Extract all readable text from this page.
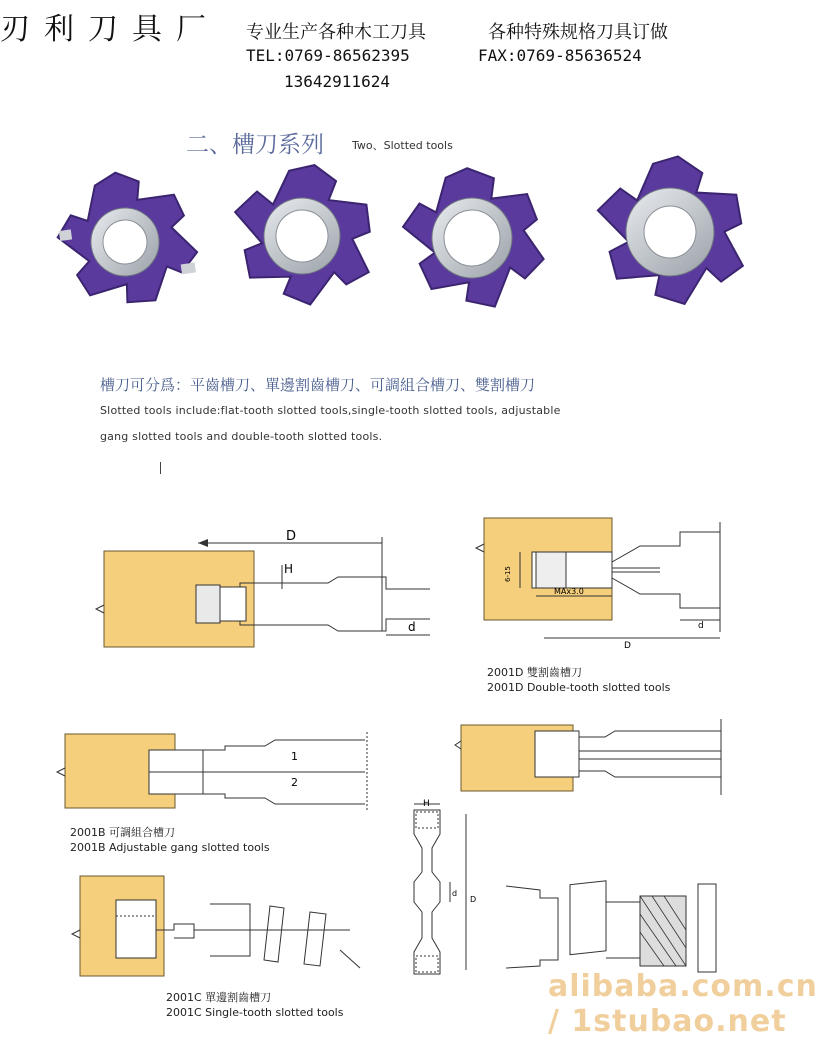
刃利刀具厂 专业生产各种木工刀具	各种特殊规格刀具订做
TEL:0769-86562395	FAX:0769-85636524
13642911624
二、槽刀系列	Two、Slotted tools
槽刀可分爲：平齒槽刀、單邊割齒槽刀、可調組合槽刀、雙割槽刀
Slotted tools include:flat-tooth slotted tools,single-tooth slotted tools, adjustable
gang slotted tools and double-tooth slotted tools.
D
H
d
6-15
MAx3.0
D
d
2001D 雙割齒槽刀
2001D Double-tooth slotted tools
1
2
2001B 可調組合槽刀
2001B Adjustable gang slotted tools
H
D
d
2001C 單邊割齒槽刀
2001C Single-tooth slotted tools
alibaba.com.cn / 1stubao.net
